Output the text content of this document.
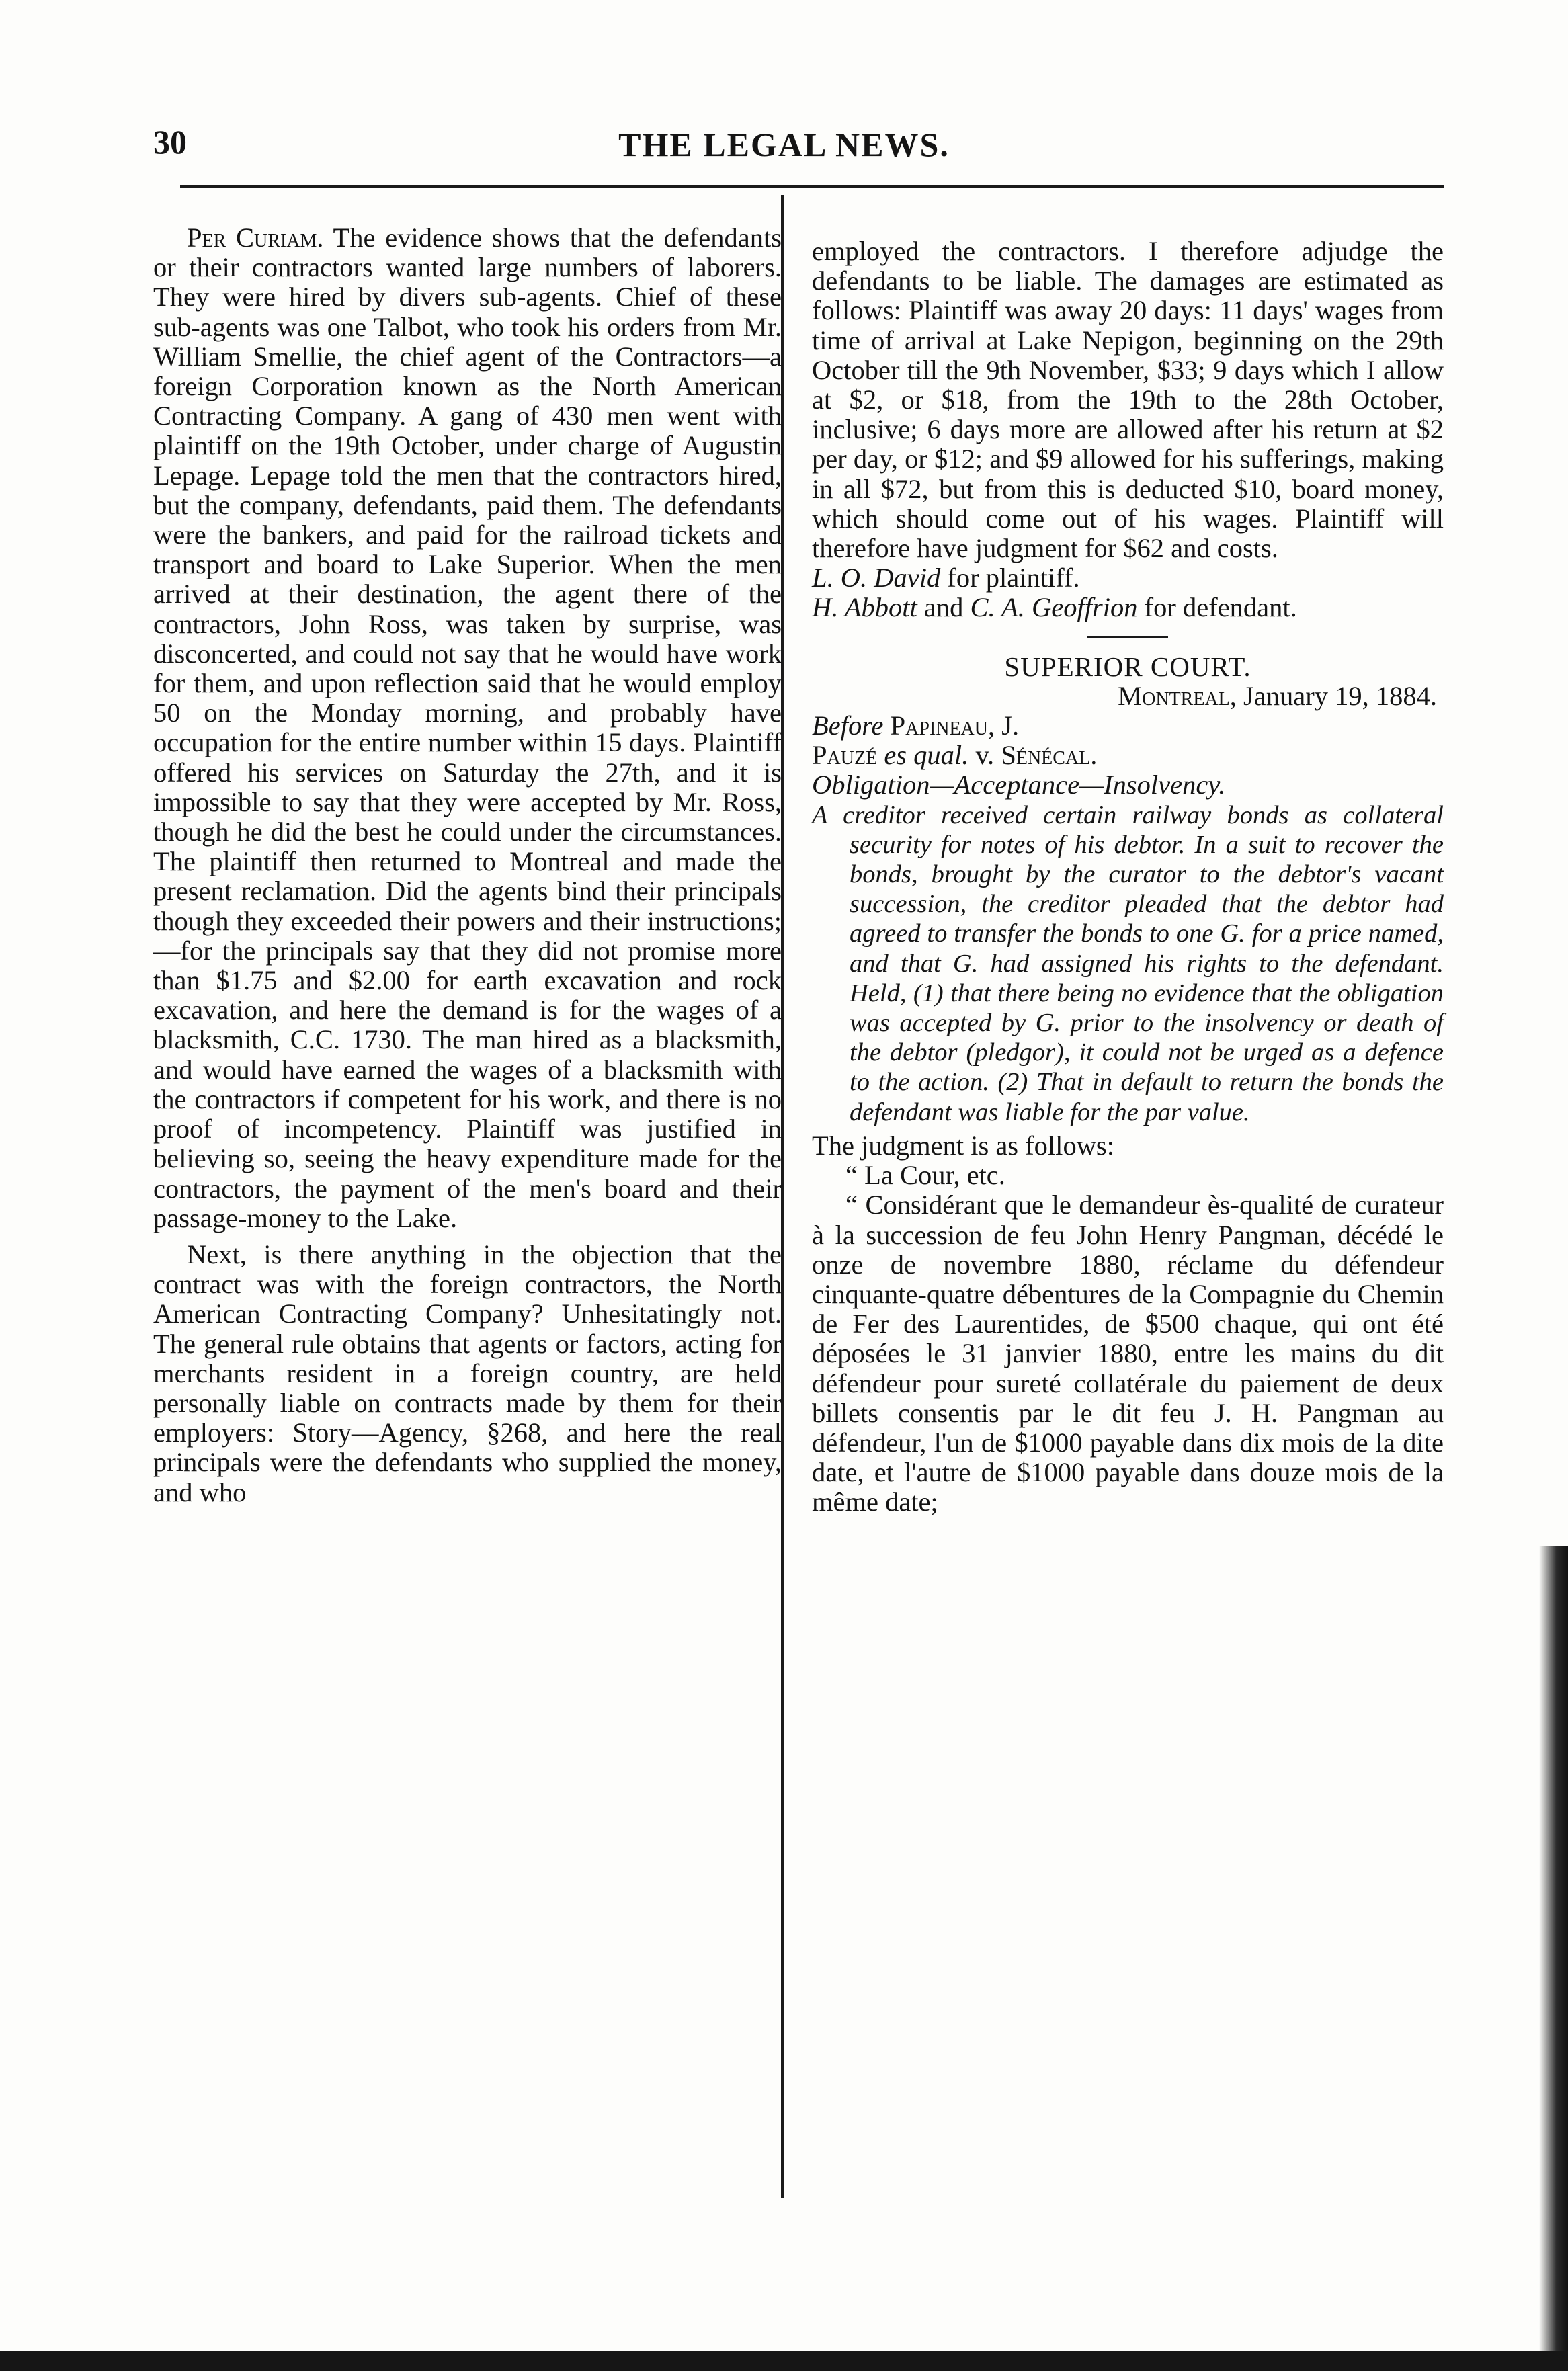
30	THE LEGAL NEWS.

Per Curiam. The evidence shows that the defendants or their contractors wanted large numbers of laborers. They were hired by divers sub-agents. Chief of these sub-agents was one Talbot, who took his orders from Mr. William Smellie, the chief agent of the Contractors—a foreign Corporation known as the North American Contracting Company. A gang of 430 men went with plaintiff on the 19th October, under charge of Augustin Lepage. Lepage told the men that the contractors hired, but the company, defendants, paid them. The defendants were the bankers, and paid for the railroad tickets and transport and board to Lake Superior. When the men arrived at their destination, the agent there of the contractors, John Ross, was taken by surprise, was disconcerted, and could not say that he would have work for them, and upon reflection said that he would employ 50 on the Monday morning, and probably have occupation for the entire number within 15 days. Plaintiff offered his services on Saturday the 27th, and it is impossible to say that they were accepted by Mr. Ross, though he did the best he could under the circumstances. The plaintiff then returned to Montreal and made the present reclamation. Did the agents bind their principals though they exceeded their powers and their instructions;—for the principals say that they did not promise more than $1.75 and $2.00 for earth excavation and rock excavation, and here the demand is for the wages of a blacksmith, C.C. 1730. The man hired as a blacksmith, and would have earned the wages of a blacksmith with the contractors if competent for his work, and there is no proof of incompetency. Plaintiff was justified in believing so, seeing the heavy expenditure made for the contractors, the payment of the men's board and their passage-money to the Lake.

Next, is there anything in the objection that the contract was with the foreign contractors, the North American Contracting Company? Unhesitatingly not. The general rule obtains that agents or factors, acting for merchants resident in a foreign country, are held personally liable on contracts made by them for their employers: Story—Agency, §268, and here the real principals were the defendants who supplied the money, and who

employed the contractors. I therefore adjudge the defendants to be liable. The damages are estimated as follows: Plaintiff was away 20 days: 11 days' wages from time of arrival at Lake Nepigon, beginning on the 29th October till the 9th November, $33; 9 days which I allow at $2, or $18, from the 19th to the 28th October, inclusive; 6 days more are allowed after his return at $2 per day, or $12; and $9 allowed for his sufferings, making in all $72, but from this is deducted $10, board money, which should come out of his wages. Plaintiff will therefore have judgment for $62 and costs.

L. O. David for plaintiff.

H. Abbott and C. A. Geoffrion for defendant.

SUPERIOR COURT.

Montreal, January 19, 1884.

Before Papineau, J.

Pauzé es qual. v. Sénécal.

Obligation—Acceptance—Insolvency.

A creditor received certain railway bonds as collateral security for notes of his debtor. In a suit to recover the bonds, brought by the curator to the debtor's vacant succession, the creditor pleaded that the debtor had agreed to transfer the bonds to one G. for a price named, and that G. had assigned his rights to the defendant. Held, (1) that there being no evidence that the obligation was accepted by G. prior to the insolvency or death of the debtor (pledgor), it could not be urged as a defence to the action. (2) That in default to return the bonds the defendant was liable for the par value.

The judgment is as follows:

“ La Cour, etc.

“ Considérant que le demandeur ès-qualité de curateur à la succession de feu John Henry Pangman, décédé le onze de novembre 1880, réclame du défendeur cinquante-quatre débentures de la Compagnie du Chemin de Fer des Laurentides, de $500 chaque, qui ont été déposées le 31 janvier 1880, entre les mains du dit défendeur pour sureté collatérale du paiement de deux billets consentis par le dit feu J. H. Pangman au défendeur, l'un de $1000 payable dans dix mois de la dite date, et l'autre de $1000 payable dans douze mois de la même date;
